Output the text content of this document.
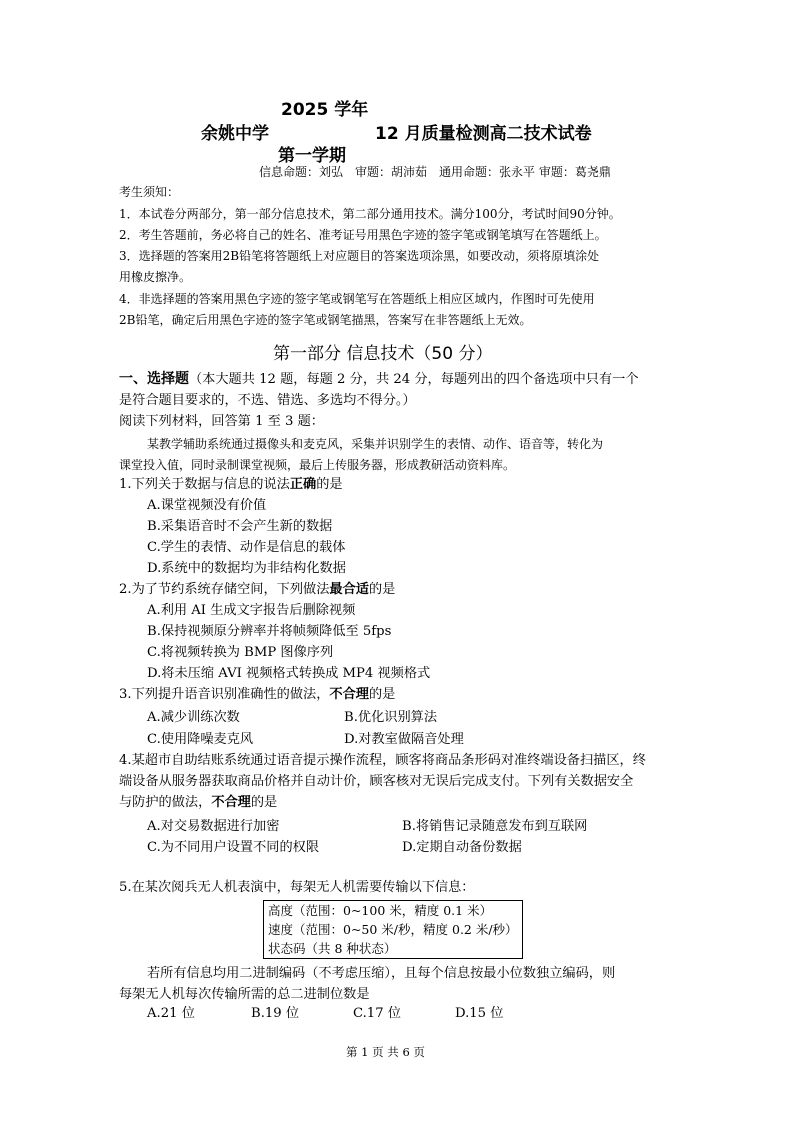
2025 学年
余姚中学	12 月质量检测高二技术试卷
第一学期
信息命题：刘弘　审题：胡沛茹　通用命题：张永平 审题：葛尧鼎
考生须知：
1．本试卷分两部分，第一部分信息技术，第二部分通用技术。满分100分，考试时间90分钟。
2．考生答题前，务必将自己的姓名、准考证号用黑色字迹的签字笔或钢笔填写在答题纸上。
3．选择题的答案用2B铅笔将答题纸上对应题目的答案选项涂黑，如要改动，须将原填涂处
用橡皮擦净。
4．非选择题的答案用黑色字迹的签字笔或钢笔写在答题纸上相应区域内，作图时可先使用
2B铅笔，确定后用黑色字迹的签字笔或钢笔描黑，答案写在非答题纸上无效。
第一部分 信息技术（50 分）
一、选择题（本大题共 12 题，每题 2 分，共 24 分，每题列出的四个备选项中只有一个
是符合题目要求的，不选、错选、多选均不得分。）
阅读下列材料，回答第 1 至 3 题：
某教学辅助系统通过摄像头和麦克风，采集并识别学生的表情、动作、语音等，转化为
课堂投入值，同时录制课堂视频，最后上传服务器，形成教研活动资料库。
1.下列关于数据与信息的说法正确的是
A.课堂视频没有价值
B.采集语音时不会产生新的数据
C.学生的表情、动作是信息的载体
D.系统中的数据均为非结构化数据
2.为了节约系统存储空间，下列做法最合适的是
A.利用 AI 生成文字报告后删除视频
B.保持视频原分辨率并将帧频降低至 5fps
C.将视频转换为 BMP 图像序列
D.将未压缩 AVI 视频格式转换成 MP4 视频格式
3.下列提升语音识别准确性的做法，不合理的是
A.减少训练次数	B.优化识别算法
C.使用降噪麦克风	D.对教室做隔音处理
4.某超市自助结账系统通过语音提示操作流程，顾客将商品条形码对准终端设备扫描区，终
端设备从服务器获取商品价格并自动计价，顾客核对无误后完成支付。下列有关数据安全
与防护的做法，不合理的是
A.对交易数据进行加密	B.将销售记录随意发布到互联网
C.为不同用户设置不同的权限	D.定期自动备份数据
5.在某次阅兵无人机表演中，每架无人机需要传输以下信息：
高度（范围：0~100 米，精度 0.1 米）
速度（范围：0~50 米/秒，精度 0.2 米/秒）
状态码（共 8 种状态）
若所有信息均用二进制编码（不考虑压缩），且每个信息按最小位数独立编码，则
每架无人机每次传输所需的总二进制位数是
A.21 位	B.19 位	C.17 位	D.15 位
第 1 页 共 6 页
